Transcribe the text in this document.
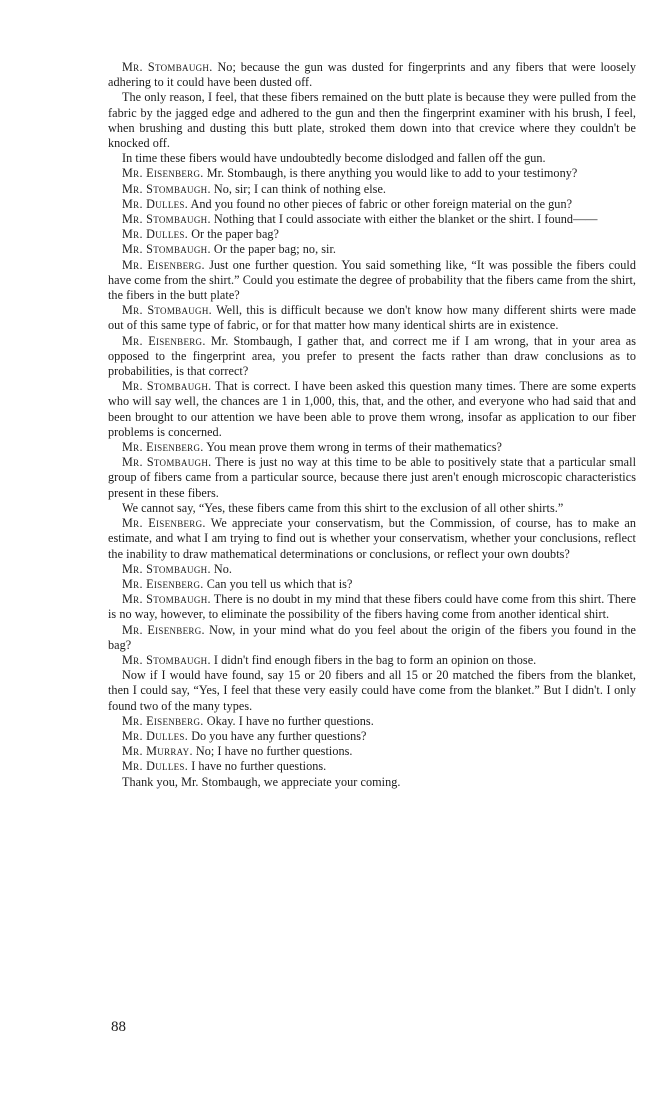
Mr. Stombaugh. No; because the gun was dusted for fingerprints and any fibers that were loosely adhering to it could have been dusted off.

The only reason, I feel, that these fibers remained on the butt plate is because they were pulled from the fabric by the jagged edge and adhered to the gun and then the fingerprint examiner with his brush, I feel, when brushing and dusting this butt plate, stroked them down into that crevice where they couldn't be knocked off.

In time these fibers would have undoubtedly become dislodged and fallen off the gun.

Mr. Eisenberg. Mr. Stombaugh, is there anything you would like to add to your testimony?

Mr. Stombaugh. No, sir; I can think of nothing else.

Mr. Dulles. And you found no other pieces of fabric or other foreign material on the gun?

Mr. Stombaugh. Nothing that I could associate with either the blanket or the shirt. I found——

Mr. Dulles. Or the paper bag?

Mr. Stombaugh. Or the paper bag; no, sir.

Mr. Eisenberg. Just one further question. You said something like, “It was possible the fibers could have come from the shirt.” Could you estimate the degree of probability that the fibers came from the shirt, the fibers in the butt plate?

Mr. Stombaugh. Well, this is difficult because we don't know how many different shirts were made out of this same type of fabric, or for that matter how many identical shirts are in existence.

Mr. Eisenberg. Mr. Stombaugh, I gather that, and correct me if I am wrong, that in your area as opposed to the fingerprint area, you prefer to present the facts rather than draw conclusions as to probabilities, is that correct?

Mr. Stombaugh. That is correct. I have been asked this question many times. There are some experts who will say well, the chances are 1 in 1,000, this, that, and the other, and everyone who had said that and been brought to our attention we have been able to prove them wrong, insofar as application to our fiber problems is concerned.

Mr. Eisenberg. You mean prove them wrong in terms of their mathematics?

Mr. Stombaugh. There is just no way at this time to be able to positively state that a particular small group of fibers came from a particular source, because there just aren't enough microscopic characteristics present in these fibers.

We cannot say, “Yes, these fibers came from this shirt to the exclusion of all other shirts.”

Mr. Eisenberg. We appreciate your conservatism, but the Commission, of course, has to make an estimate, and what I am trying to find out is whether your conservatism, whether your conclusions, reflect the inability to draw mathematical determinations or conclusions, or reflect your own doubts?

Mr. Stombaugh. No.

Mr. Eisenberg. Can you tell us which that is?

Mr. Stombaugh. There is no doubt in my mind that these fibers could have come from this shirt. There is no way, however, to eliminate the possibility of the fibers having come from another identical shirt.

Mr. Eisenberg. Now, in your mind what do you feel about the origin of the fibers you found in the bag?

Mr. Stombaugh. I didn't find enough fibers in the bag to form an opinion on those.

Now if I would have found, say 15 or 20 fibers and all 15 or 20 matched the fibers from the blanket, then I could say, “Yes, I feel that these very easily could have come from the blanket.” But I didn't. I only found two of the many types.

Mr. Eisenberg. Okay. I have no further questions.

Mr. Dulles. Do you have any further questions?

Mr. Murray. No; I have no further questions.

Mr. Dulles. I have no further questions.

Thank you, Mr. Stombaugh, we appreciate your coming.

88
